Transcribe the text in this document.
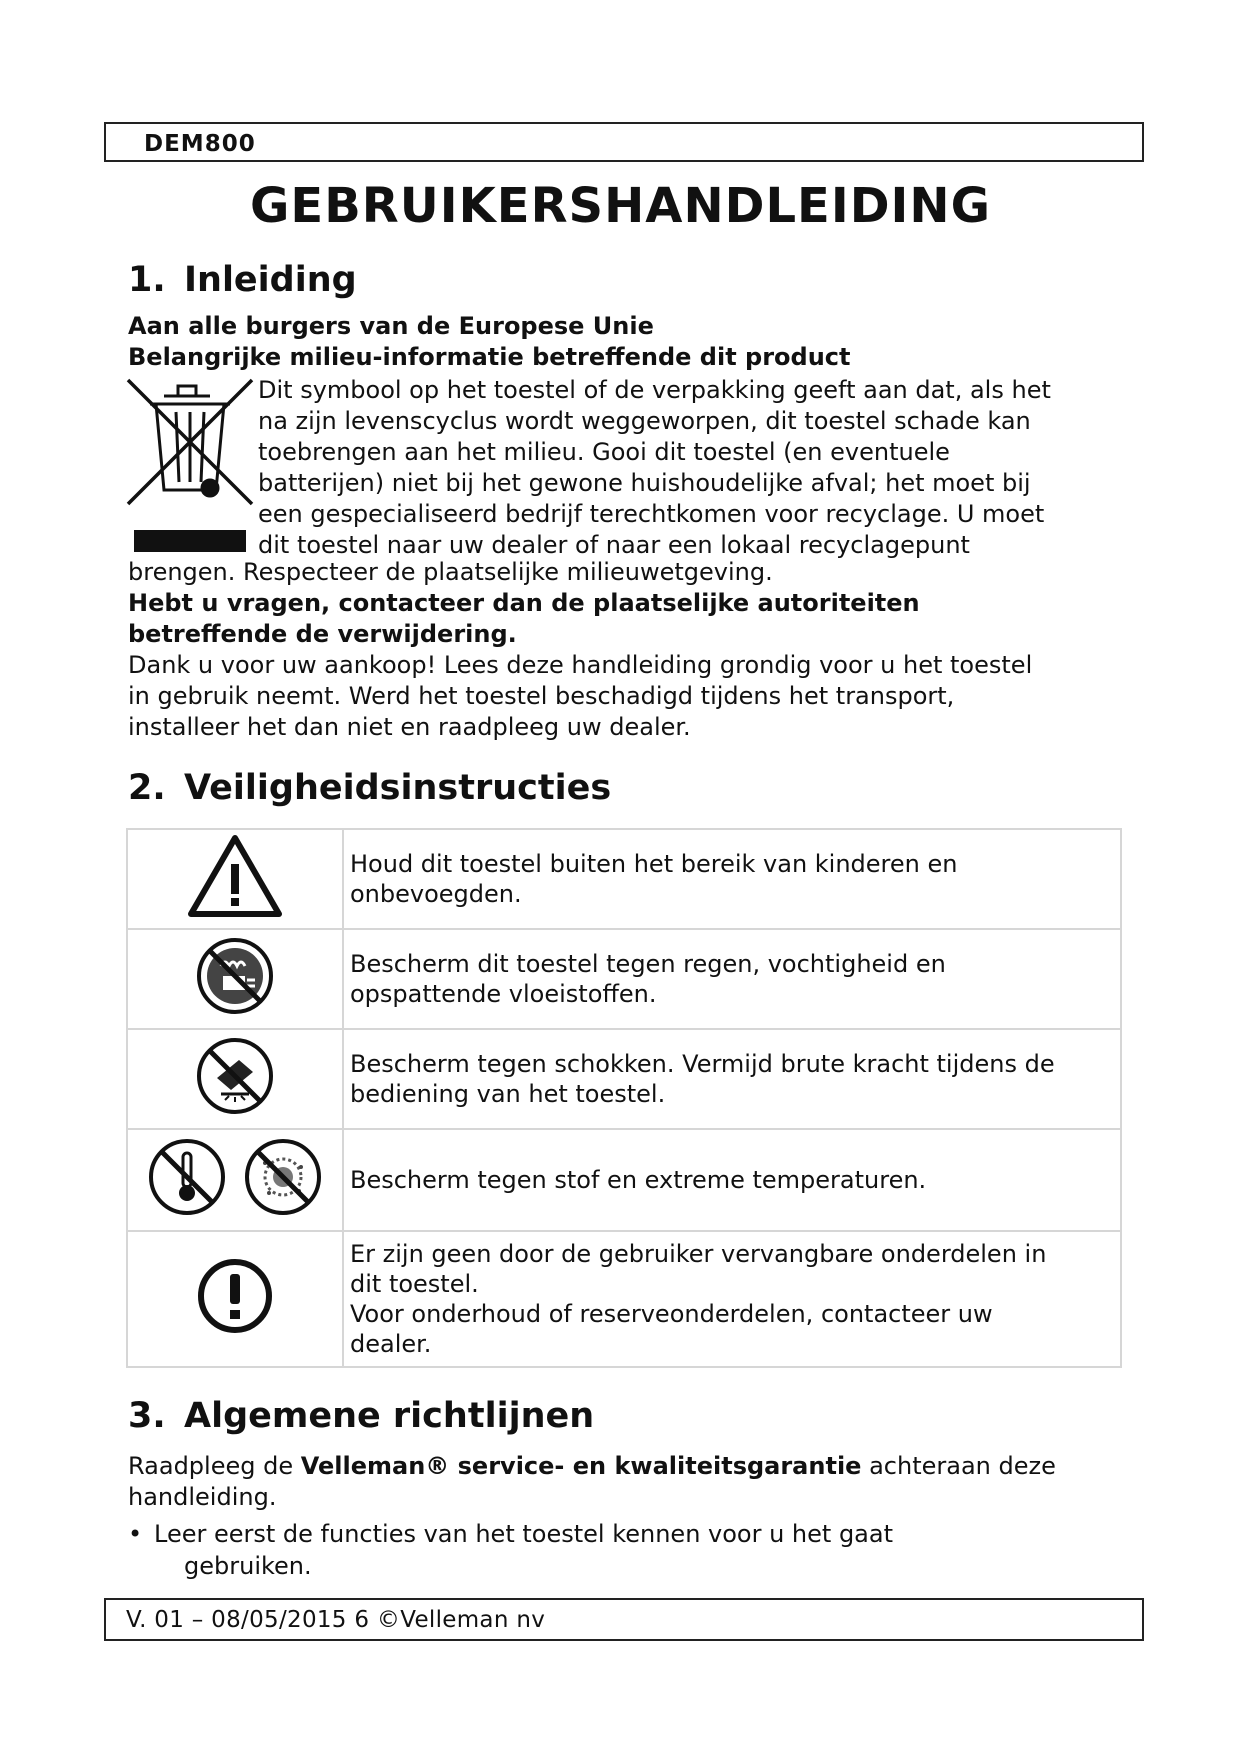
DEM800
GEBRUIKERSHANDLEIDING
1. Inleiding
Aan alle burgers van de Europese Unie
Belangrijke milieu-informatie betreffende dit product
Dit symbool op het toestel of de verpakking geeft aan dat, als het
na zijn levenscyclus wordt weggeworpen, dit toestel schade kan
toebrengen aan het milieu. Gooi dit toestel (en eventuele
batterijen) niet bij het gewone huishoudelijke afval; het moet bij
een gespecialiseerd bedrijf terechtkomen voor recyclage. U moet
dit toestel naar uw dealer of naar een lokaal recyclagepunt
brengen. Respecteer de plaatselijke milieuwetgeving.
Hebt u vragen, contacteer dan de plaatselijke autoriteiten
betreffende de verwijdering.
Dank u voor uw aankoop! Lees deze handleiding grondig voor u het toestel
in gebruik neemt. Werd het toestel beschadigd tijdens het transport,
installeer het dan niet en raadpleeg uw dealer.
2. Veiligheidsinstructies

Houd dit toestel buiten het bereik van kinderen en
onbevoegden.

Bescherm dit toestel tegen regen, vochtigheid en
opspattende vloeistoffen.

Bescherm tegen schokken. Vermijd brute kracht tijdens de
bediening van het toestel.

Bescherm tegen stof en extreme temperaturen.

Er zijn geen door de gebruiker vervangbare onderdelen in
dit toestel.
Voor onderhoud of reserveonderdelen, contacteer uw
dealer.
3. Algemene richtlijnen
Raadpleeg de Velleman® service- en kwaliteitsgarantie achteraan deze
handleiding.
• Leer eerst de functies van het toestel kennen voor u het gaat
gebruiken.
V. 01 – 08/05/2015 6 ©Velleman nv
